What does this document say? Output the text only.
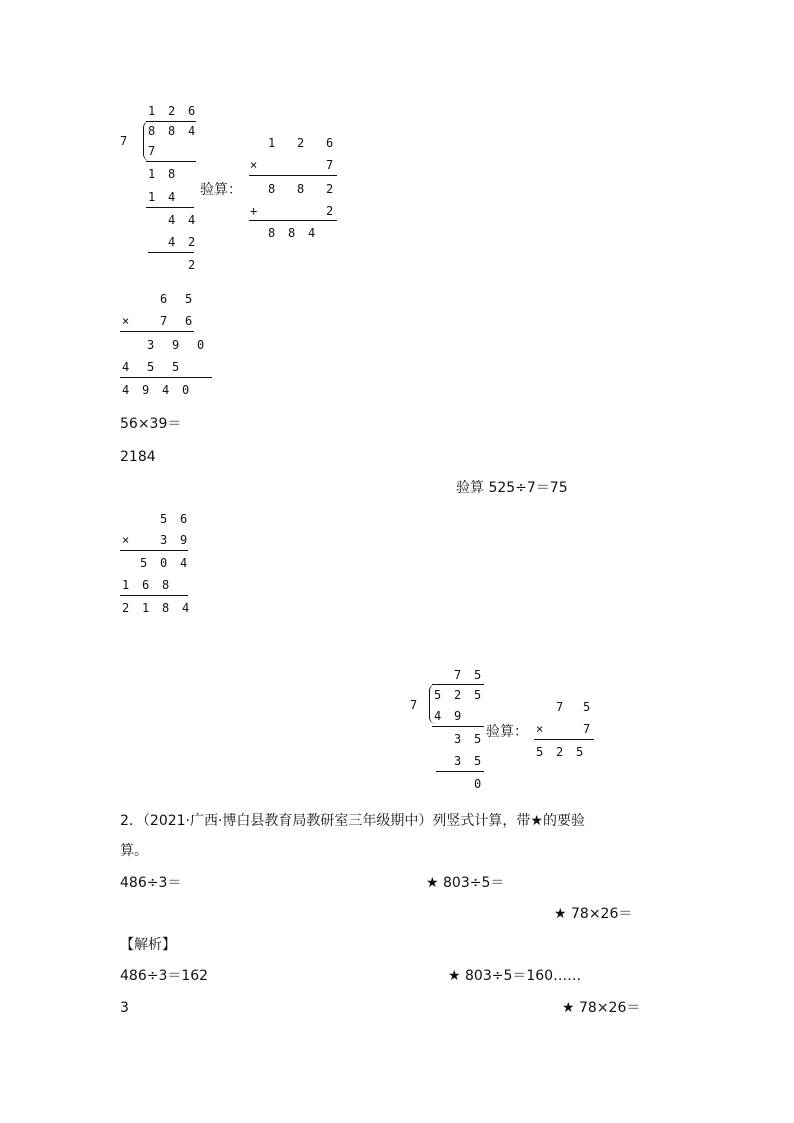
7
1 2 6
8 8 4
7
1 8
1 4
4 4
4 2
2
验算：
1 2 6
×	7
8 8 2
+	2
8 8 4
6 5
×	7 6
3 9 0
4 5 5
4 9 4 0
56×39＝
2184
验算 525÷7＝75
5 6
×	3 9
5 0 4
1 6 8
2 1 8 4
7
7 5
5 2 5
4 9
3 5
3 5
0
验算：
7 5
×	7
5 2 5
2．（2021·广西·博白县教育局教研室三年级期中）列竖式计算，带★的要验
算。
486÷3＝	★ 803÷5＝
★ 78×26＝
【解析】
486÷3＝162	★ 803÷5＝160……
3	★ 78×26＝
